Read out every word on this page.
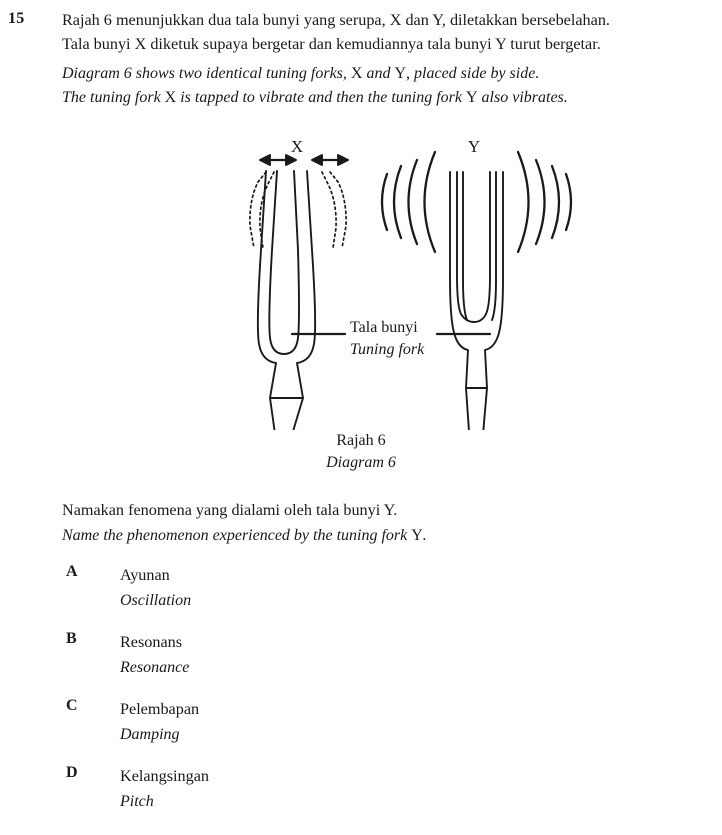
15 Rajah 6 menunjukkan dua tala bunyi yang serupa, X dan Y, diletakkan bersebelahan.
Tala bunyi X diketuk supaya bergetar dan kemudiannya tala bunyi Y turut bergetar.
Diagram 6 shows two identical tuning forks, X and Y, placed side by side.
The tuning fork X is tapped to vibrate and then the tuning fork Y also vibrates.
X	Y
Tala bunyi
Tuning fork
Rajah 6
Diagram 6
Namakan fenomena yang dialami oleh tala bunyi Y.
Name the phenomenon experienced by the tuning fork Y.
A	Ayunan
Oscillation
B	Resonans
Resonance
C	Pelembapan
Damping
D	Kelangsingan
Pitch
